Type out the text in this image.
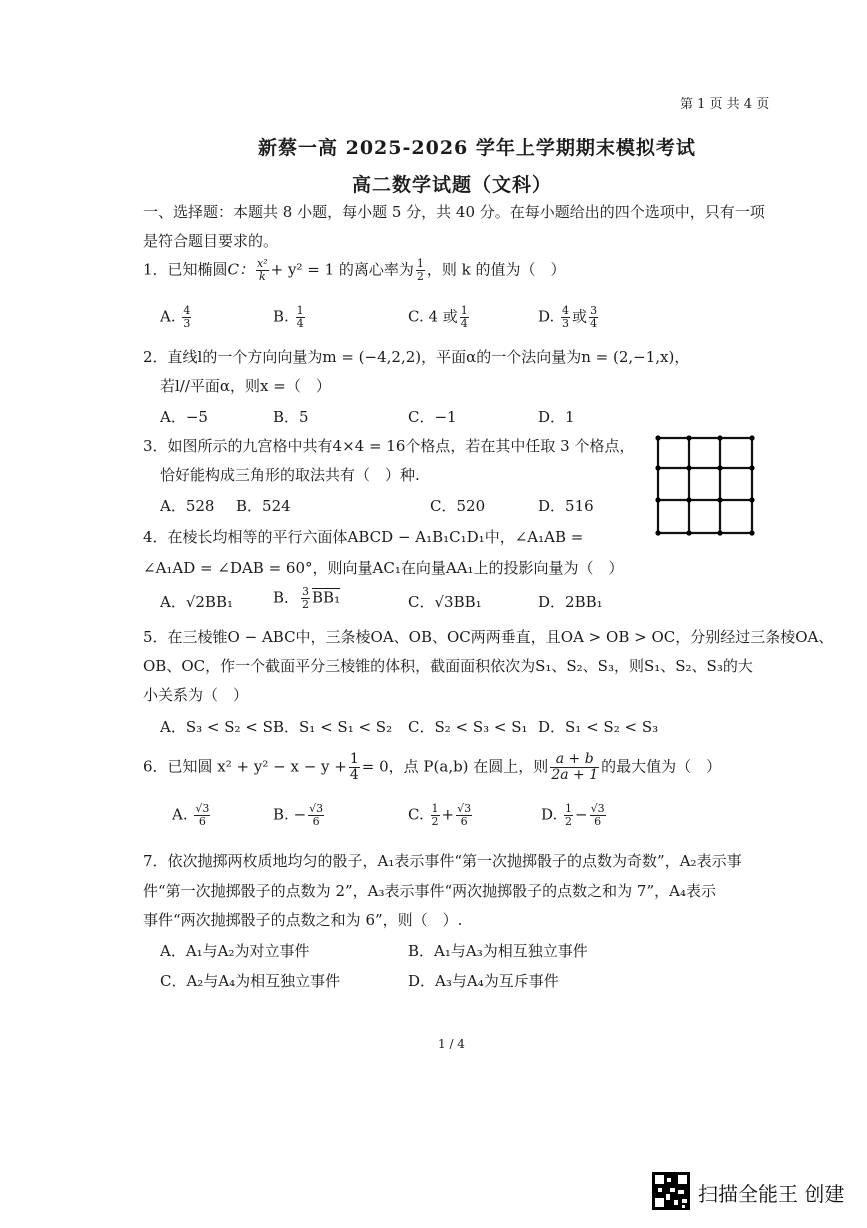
第 1 页 共 4 页
新蔡一高 2025-2026 学年上学期期末模拟考试
高二数学试题（文科）
一、选择题：本题共 8 小题，每小题 5 分，共 40 分。在每小题给出的四个选项中，只有一项
是符合题目要求的。
1．已知椭圆C： $\frac{\text{x²}}{k} + y^2 = 1$ 的离心率为 $\frac{1}{2}$ ，则 k 的值为（　）
A. $\frac{4}{3}$	B. $\frac{1}{4}$	C. 4 或 $\frac{1}{4}$	D. $\frac{4}{3}$ 或 $\frac{3}{4}$
2．直线l的一个方向向量为m = (−4,2,2)，平面α的一个法向量为n = (2,−1,x)，
若l//平面α，则x =（　）
A．−5	B．5	C．−1	D．1
3．如图所示的九宫格中共有4×4 = 16个格点，若在其中任取 3 个格点，
恰好能构成三角形的取法共有（　）种.
A．528 B．524	C．520	D．516
4．在棱长均相等的平行六面体ABCD − A₁B₁C₁D₁中，∠A₁AB =
∠A₁AD = ∠DAB = 60°，则向量AC₁在向量AA₁上的投影向量为（　）
A．√2BB₁	B． $\frac{3}{2} BB_1$	C．√3BB₁	D．2BB₁
5．在三棱锥O − ABC中，三条棱OA、OB、OC两两垂直，且OA > OB > OC，分别经过三条棱OA、
OB、OC，作一个截面平分三棱锥的体积，截面面积依次为S₁、S₂、S₃，则S₁、S₂、S₃的大
小关系为（　）
A．S₃ < S₂ < S₁
B．S₁ < S₁ < S₂ C．S₂ < S₃ < S₁ D．S₁ < S₂ < S₃
6．已知圆 $x^2 + y^2 - x - y + \frac{1}{4} = 0$，点 P(a,b) 在圆上，则 $\frac{a + b}{2a + 1}$ 的最大值为（　）
A. $\frac{√3}{6}$	B. − $\frac{√3}{6}$	C. $\frac{1}{2} + \frac{√3}{6}$	D. $\frac{1}{2} - \frac{√3}{6}$
7．依次抛掷两枚质地均匀的骰子，A₁表示事件“第一次抛掷骰子的点数为奇数”，A₂表示事
件“第一次抛掷骰子的点数为 2”，A₃表示事件“两次抛掷骰子的点数之和为 7”，A₄表示
事件“两次抛掷骰子的点数之和为 6”，则（　）.
A．A₁与A₂为对立事件	B．A₁与A₃为相互独立事件
C．A₂与A₄为相互独立事件	D．A₃与A₄为互斥事件
1 / 4
扫描全能王 创建
